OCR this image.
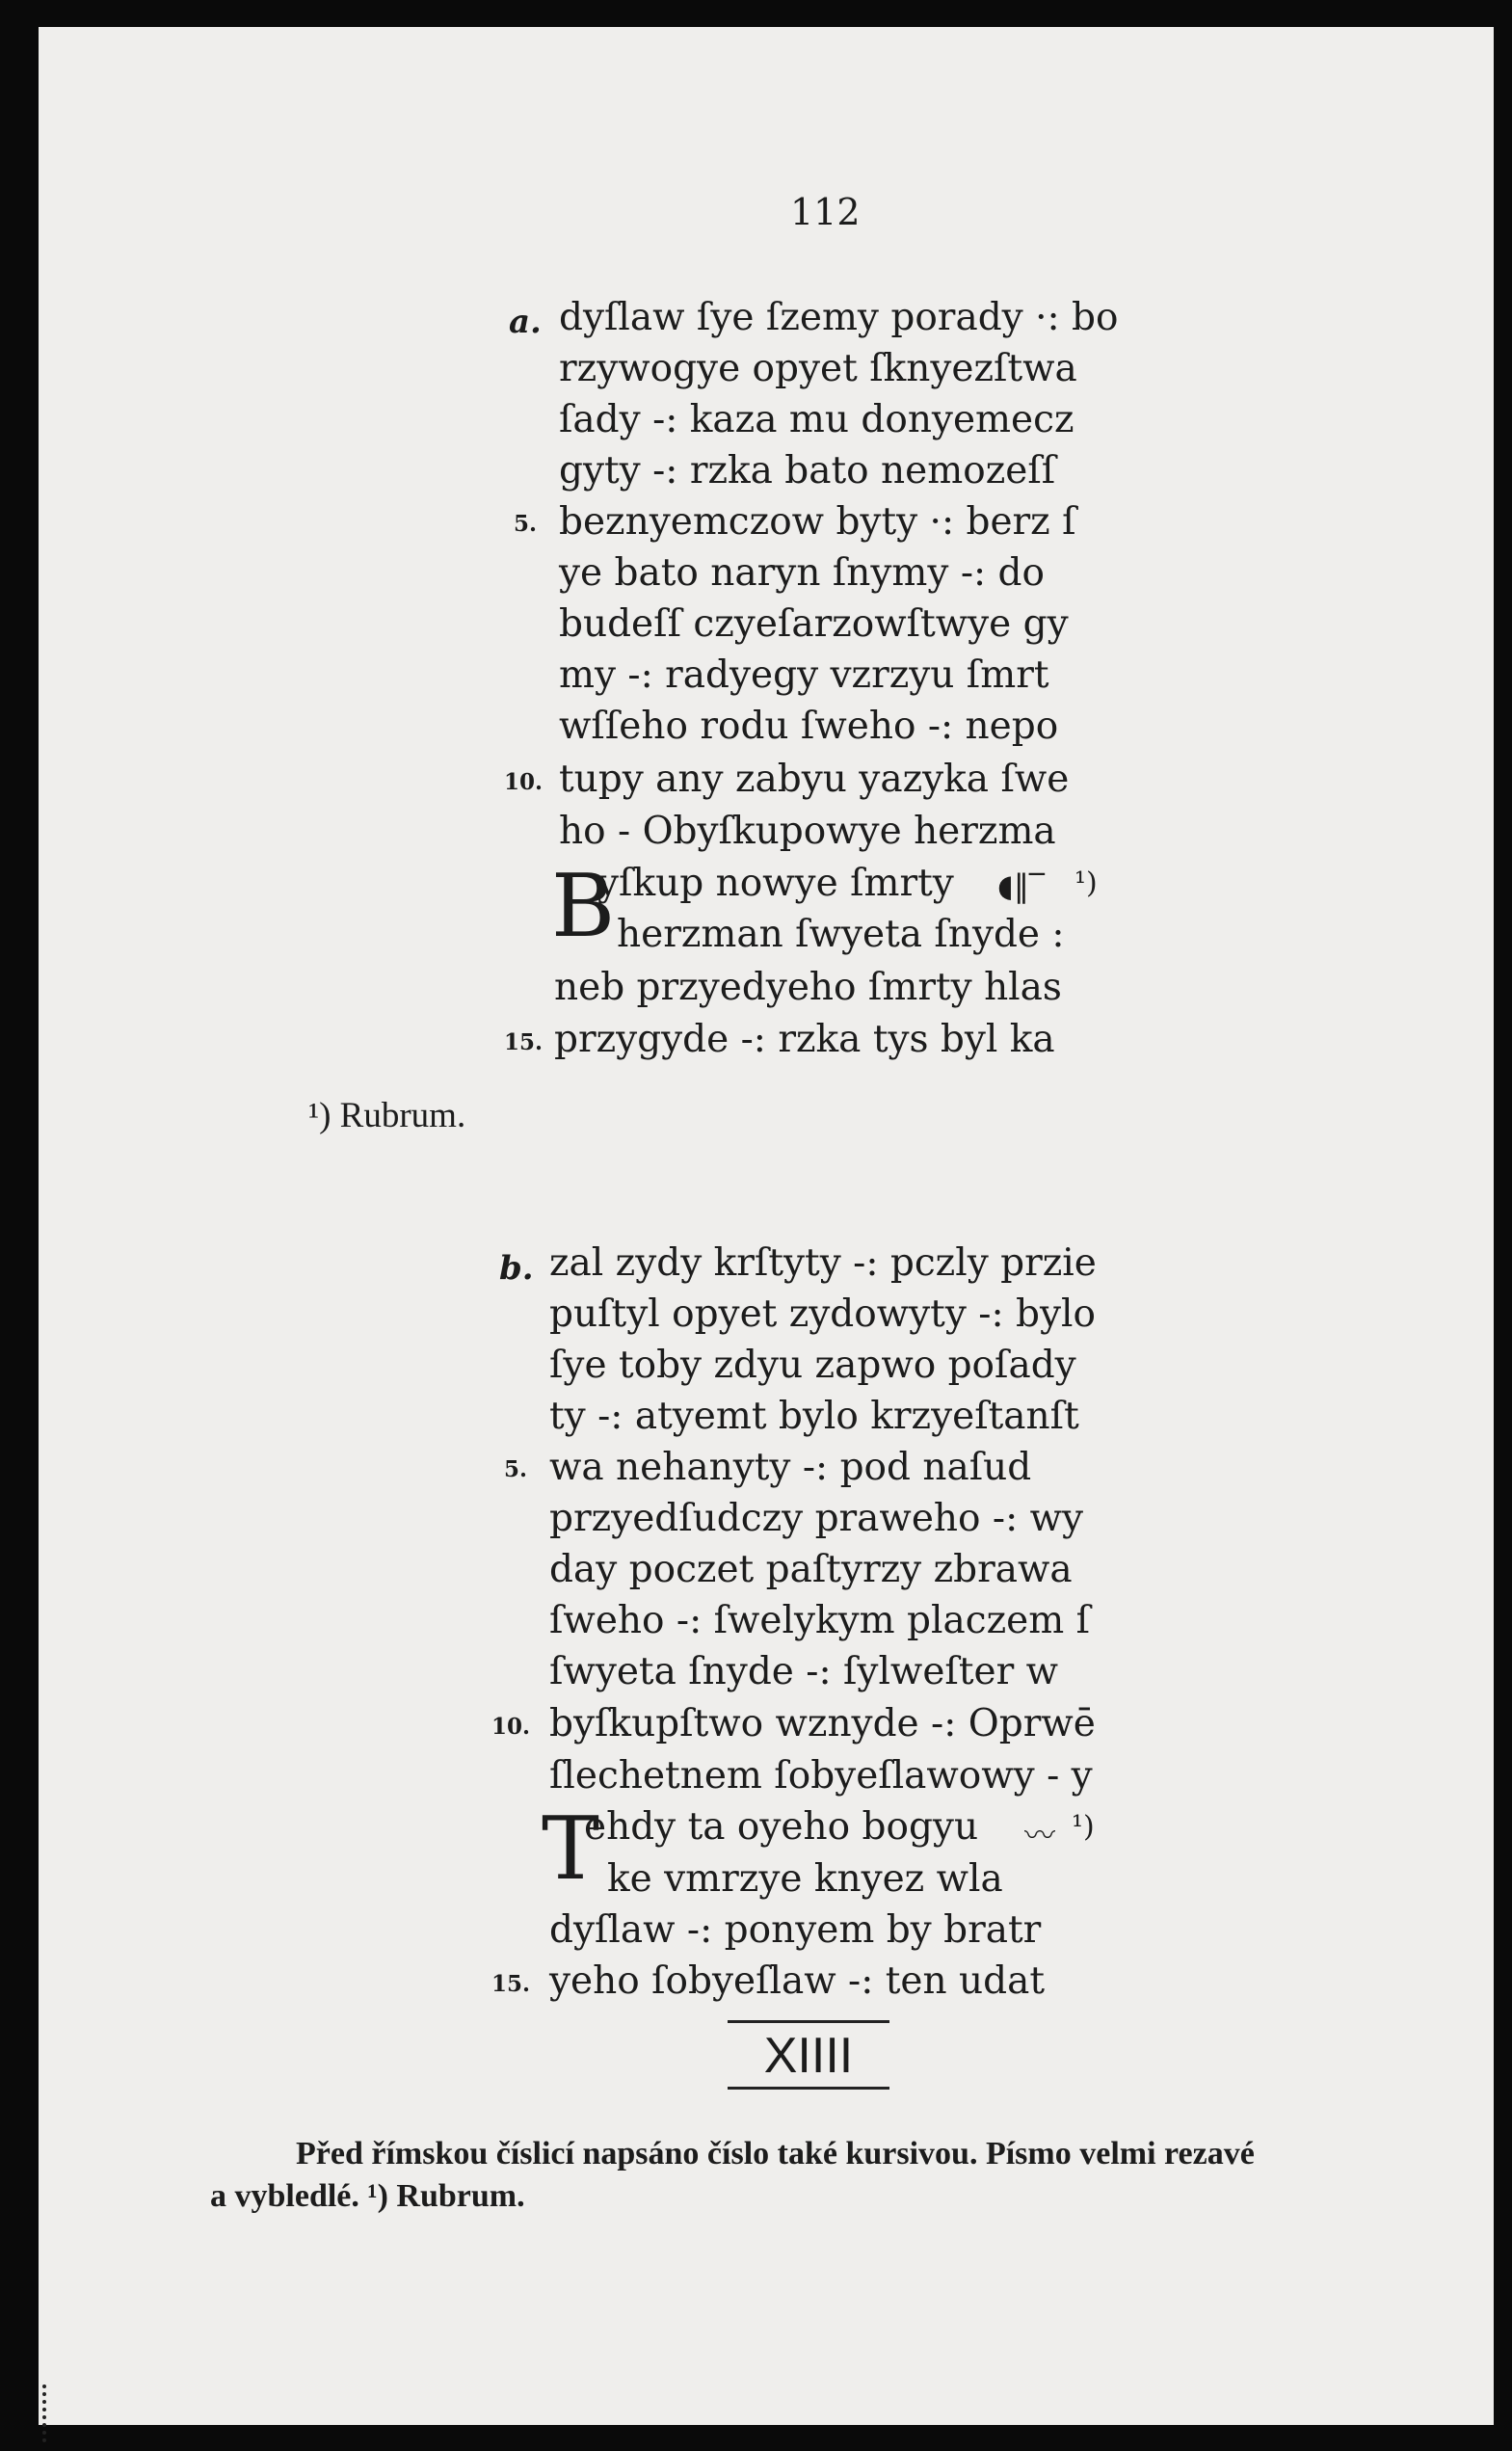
112
a. dyſlaw ſye ſzemy porady ·: bo
rzywogye opyet ſknyezſtwa
ſady -: kaza mu donyemecz
gyty -: rzka bato nemozeſſ
5. beznyemczow byty ·: berz ſ
ye bato naryn ſnymy -: do
budeſſ czyeſarzowſtwye gy
my -: radyegy vzrzyu ſmrt
wſſeho rodu ſweho -: nepo
10. tupy any zabyu yazyka ſwe
ho - Obyſkupowye herzma
B
yſkup nowye ſmrty ◖‖‾ ¹)
herzman ſwyeta ſnyde :
neb przyedyeho ſmrty hlas
15. przygyde -: rzka tys byl ka
¹) Rubrum.
b. zal zydy krſtyty -: pczly przie
puſtyl opyet zydowyty -: bylo
ſye toby zdyu zapwo poſady
ty -: atyemt bylo krzyeſtanſt
5. wa nehanyty -: pod naſud
przyedſudczy praweho -: wy
day poczet paſtyrzy zbrawa
ſweho -: ſwelykym placzem ſ
ſwyeta ſnyde -: ſylweſter w
10. byſkupſtwo wznyde -: Oprwē
ſlechetnem ſobyeſlawowy - y
T
ehdy ta oyeho bogyu 〰 ¹)
ke vmrzye knyez wla
dyſlaw -: ponyem by bratr
15. yeho ſobyeſlaw -: ten udat
XIIII
Před římskou číslicí napsáno číslo také kursivou. Písmo velmi rezavé
a vybledlé. ¹) Rubrum.
